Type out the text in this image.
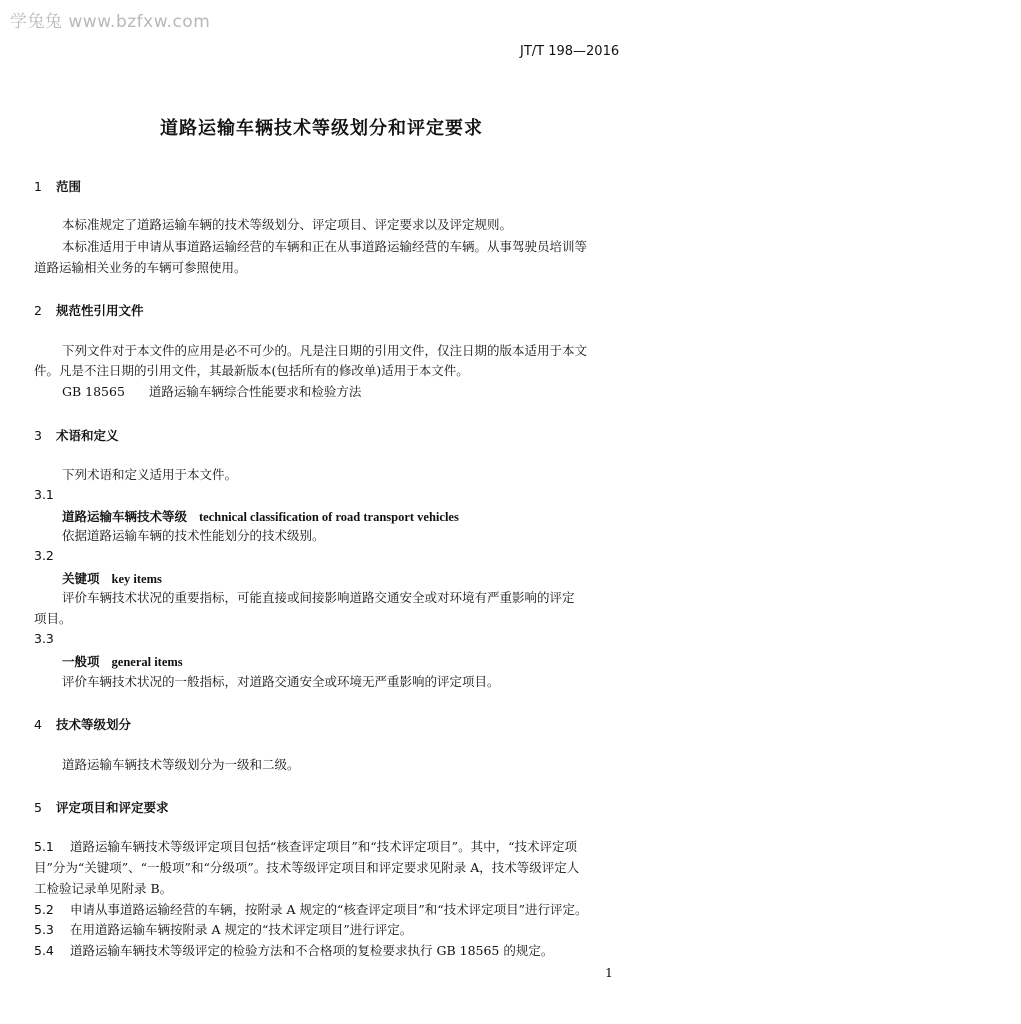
学兔兔 www.bzfxw.com
JT/T 198—2016
道路运输车辆技术等级划分和评定要求
1 范围
本标准规定了道路运输车辆的技术等级划分、评定项目、评定要求以及评定规则。
本标准适用于申请从事道路运输经营的车辆和正在从事道路运输经营的车辆。从事驾驶员培训等
道路运输相关业务的车辆可参照使用。
2 规范性引用文件
下列文件对于本文件的应用是必不可少的。凡是注日期的引用文件，仅注日期的版本适用于本文
件。凡是不注日期的引用文件，其最新版本(包括所有的修改单)适用于本文件。
GB 18565 道路运输车辆综合性能要求和检验方法
3 术语和定义
下列术语和定义适用于本文件。
3.1
道路运输车辆技术等级 technical classification of road transport vehicles
依据道路运输车辆的技术性能划分的技术级别。
3.2
关键项 key items
评价车辆技术状况的重要指标，可能直接或间接影响道路交通安全或对环境有严重影响的评定
项目。
3.3
一般项 general items
评价车辆技术状况的一般指标，对道路交通安全或环境无严重影响的评定项目。
4 技术等级划分
道路运输车辆技术等级划分为一级和二级。
5 评定项目和评定要求
5.1 道路运输车辆技术等级评定项目包括“核查评定项目”和“技术评定项目”。其中，“技术评定项
目”分为“关键项”、“一般项”和“分级项”。技术等级评定项目和评定要求见附录 A，技术等级评定人
工检验记录单见附录 B。
5.2 申请从事道路运输经营的车辆，按附录 A 规定的“核查评定项目”和“技术评定项目”进行评定。
5.3 在用道路运输车辆按附录 A 规定的“技术评定项目”进行评定。
5.4 道路运输车辆技术等级评定的检验方法和不合格项的复检要求执行 GB 18565 的规定。
1
